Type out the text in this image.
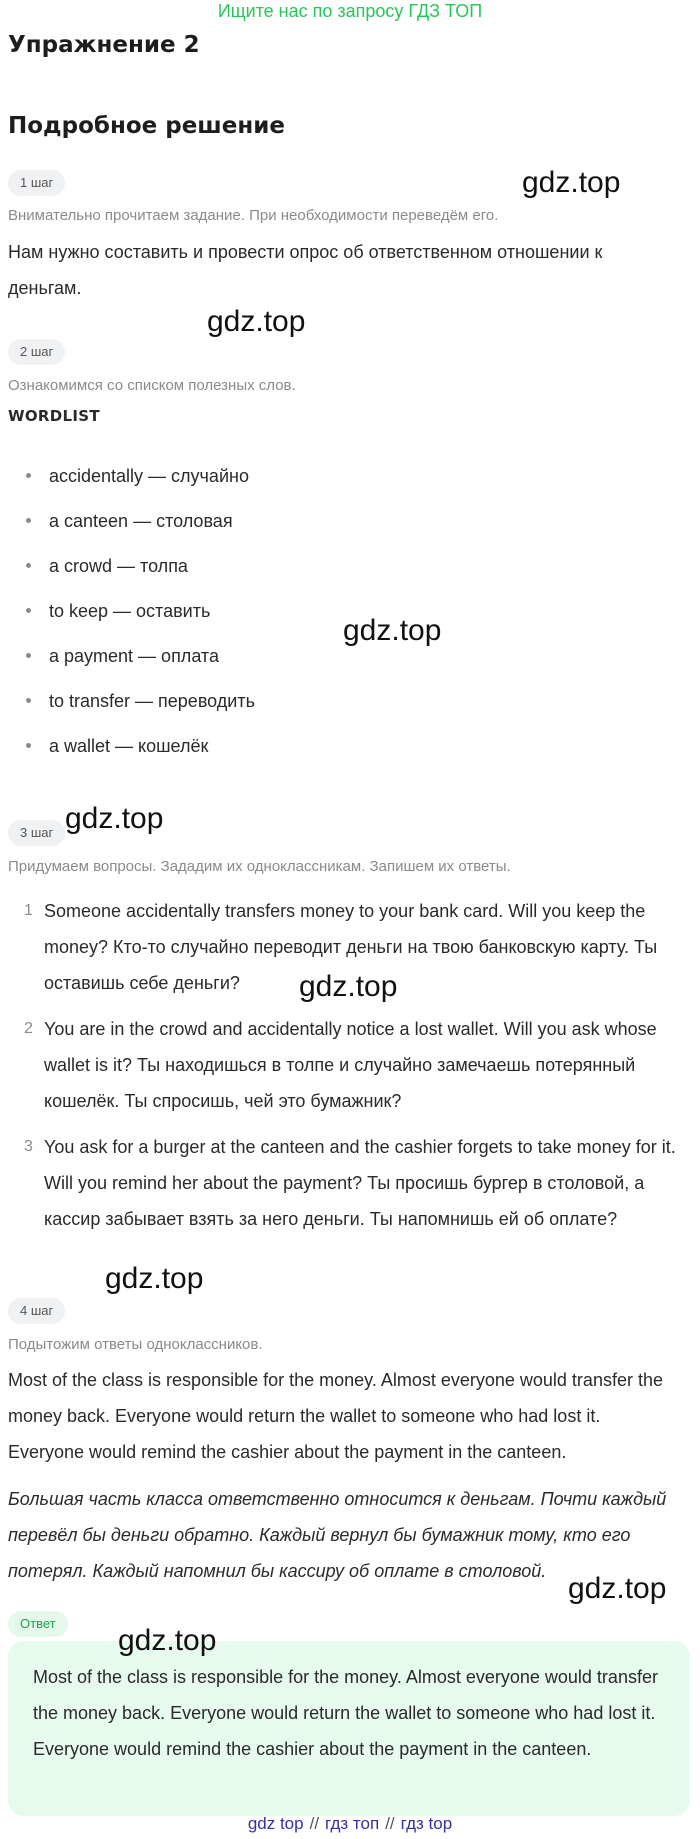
Ищите нас по запросу ГДЗ ТОП
Упражнение 2
Подробное решение
1 шаг	gdz.top
Внимательно прочитаем задание. При необходимости переведём его.
Нам нужно составить и провести опрос об ответственном отношении к деньгам.
gdz.top
2 шаг
Ознакомимся со списком полезных слов.
WORDLIST
accidentally — случайно
a canteen — столовая
a crowd — толпа
to keep — оставить
a payment — оплата
to transfer — переводить
a wallet — кошелёк
gdz.top
3 шаг gdz.top
Придумаем вопросы. Зададим их одноклассникам. Запишем их ответы.
1 Someone accidentally transfers money to your bank card. Will you keep the money? Кто-то случайно переводит деньги на твою банковскую карту. Ты оставишь себе деньги?	gdz.top
2 You are in the crowd and accidentally notice a lost wallet. Will you ask whose wallet is it? Ты находишься в толпе и случайно замечаешь потерянный кошелёк. Ты спросишь, чей это бумажник?
3 You ask for a burger at the canteen and the cashier forgets to take money for it. Will you remind her about the payment? Ты просишь бургер в столовой, а кассир забывает взять за него деньги. Ты напомнишь ей об оплате?
gdz.top
4 шаг
Подытожим ответы одноклассников.
Most of the class is responsible for the money. Almost everyone would transfer the money back. Everyone would return the wallet to someone who had lost it. Everyone would remind the cashier about the payment in the canteen.
Большая часть класса ответственно относится к деньгам. Почти каждый перевёл бы деньги обратно. Каждый вернул бы бумажник тому, кто его потерял. Каждый напомнил бы кассиру об оплате в столовой.
gdz.top
Ответ
gdz.top
Most of the class is responsible for the money. Almost everyone would transfer the money back. Everyone would return the wallet to someone who had lost it. Everyone would remind the cashier about the payment in the canteen.
gdz top // гдз топ // гдз top
